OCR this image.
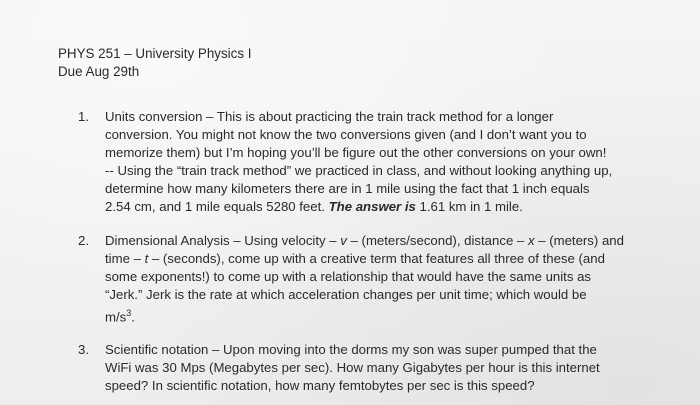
PHYS 251 – University Physics I
Due Aug 29th
1.	Units conversion – This is about practicing the train track method for a longer
conversion. You might not know the two conversions given (and I don’t want you to
memorize them) but I’m hoping you’ll be figure out the other conversions on your own!
-- Using the “train track method” we practiced in class, and without looking anything up,
determine how many kilometers there are in 1 mile using the fact that 1 inch equals
2.54 cm, and 1 mile equals 5280 feet. The answer is 1.61 km in 1 mile.
2.	Dimensional Analysis – Using velocity – v – (meters/second), distance – x – (meters) and
time – t – (seconds), come up with a creative term that features all three of these (and
some exponents!) to come up with a relationship that would have the same units as
“Jerk.” Jerk is the rate at which acceleration changes per unit time; which would be
$m/s^3$.
3.	Scientific notation – Upon moving into the dorms my son was super pumped that the
WiFi was 30 Mps (Megabytes per sec). How many Gigabytes per hour is this internet
speed? In scientific notation, how many femtobytes per sec is this speed?
